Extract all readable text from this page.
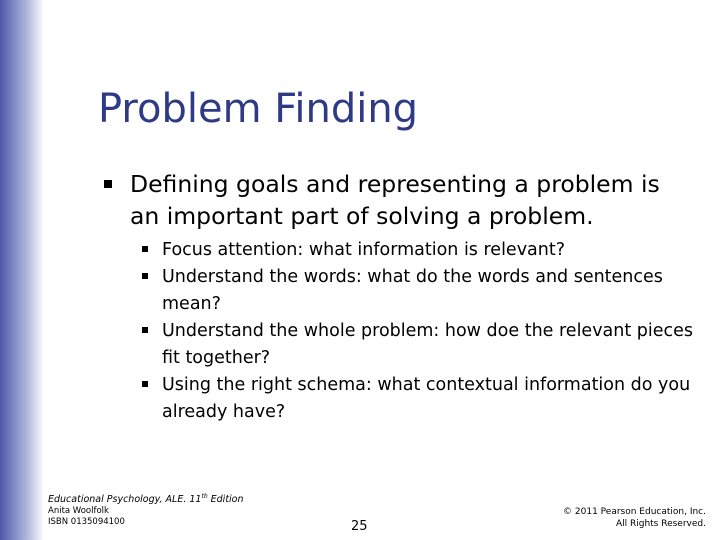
Problem Finding
Defining goals and representing a problem is an important part of solving a problem.
Focus attention: what information is relevant?
Understand the words: what do the words and sentences mean?
Understand the whole problem: how doe the relevant pieces fit together?
Using the right schema: what contextual information do you already have?
Educational Psychology, ALE. 11th Edition
Anita Woolfolk
ISBN 0135094100	25
© 2011 Pearson Education, Inc.
All Rights Reserved.
